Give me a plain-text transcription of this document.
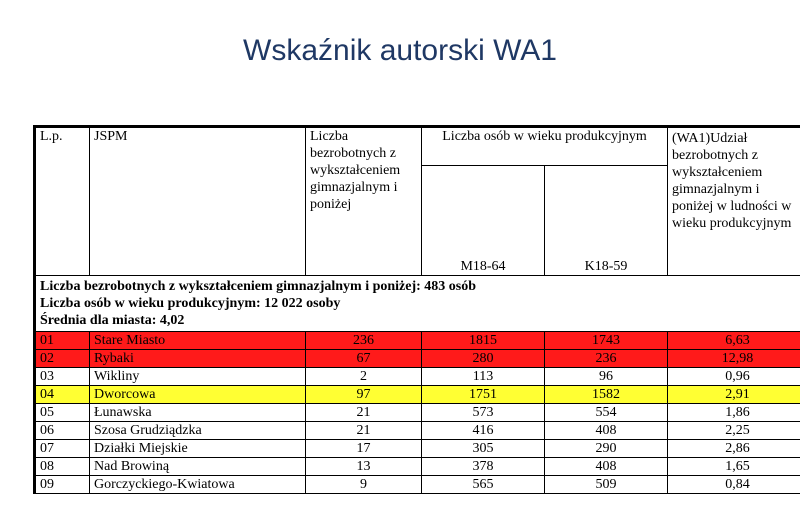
Wskaźnik autorski WA1
L.p.	JSPM	Liczba bezrobotnych z wykształceniem gimnazjalnym i poniżej	Liczba osób w wieku produkcyjnym		(WA1)Udział bezrobotnych z wykształceniem gimnazjalnym i poniżej w ludności w wieku produkcyjnym
			M18-64	K18-59	

Liczba bezrobotnych z wykształceniem gimnazjalnym i poniżej: 483 osób
Liczba osób w wieku produkcyjnym: 12 022 osoby
Średnia dla miasta: 4,02					

01	Stare Miasto	236	1815	1743	6,63
02	Rybaki	67	280	236	12,98
03	Wikliny	2	113	96	0,96
04	Dworcowa	97	1751	1582	2,91
05	Łunawska	21	573	554	1,86
06	Szosa Grudziądzka	21	416	408	2,25
07	Działki Miejskie	17	305	290	2,86
08	Nad Browiną	13	378	408	1,65
09	Gorczyckiego-Kwiatowa	9	565	509	0,84
